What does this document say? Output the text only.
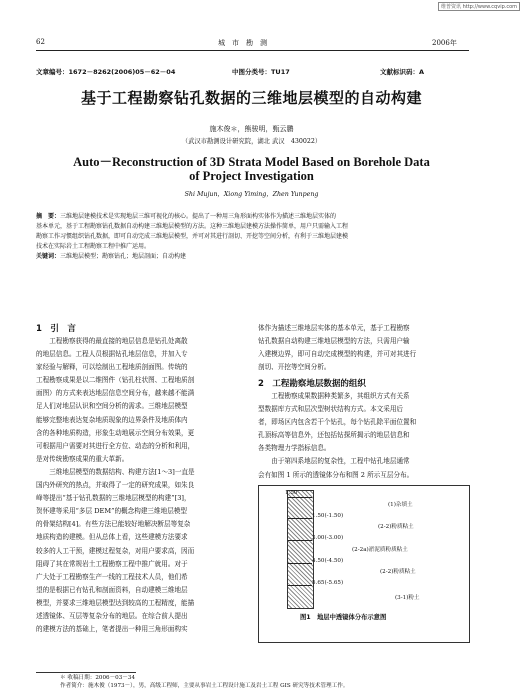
维普资讯 http://www.cqvip.com
62	城　市　勘　测	2006年
文章编号：1672－8262(2006)05－62－04	中图分类号：TU17	文献标识码：A
基于工程勘察钻孔数据的三维地层模型的自动构建
施木俊＊，熊骏明，甄云鹏
（武汉市勘测设计研究院，湖北 武汉　430022）
Auto－Reconstruction of 3D Strata Model Based on Borehole Data
of Project Investigation
Shi Mujun，Xiong Yiming，Zhen Yunpeng
摘　要：三维地层建模技术是实现地层三维可视化的核心。提出了一种用三角形面构实体作为描述三维地层实体的
基本单元，基于工程勘察钻孔数据自动构建三维地层模型的方法。这种三维地层建模方法操作简单，用户只需输入工程
勘察工作习惯组织钻孔数据，即可自动完成三维地层模型，并可对其进行剖切、开挖等空间分析，有利于三维地层建模
技术在实际岩土工程勘察工程中推广运用。
关键词：三维地层模型；勘察钻孔；地层剖面；自动构建
1　引　言

工程勘察获得的最直接的地层信息是钻孔处离散

的地层信息。工程人员根据钻孔地层信息，并加入专
家经验与解释，可以绘制出工程地质剖面图。传统的
工程勘察成果是以二维图件（钻孔柱状图、工程地质剖
面图）的方式来表达地层信息空间分布，越来越不能满
足人们对地层认识和空间分析的需求。三维地层模型
能够完整地表达复杂地质现象的边界条件及地质体内
含的各种地质构造，形象生动地展示空间分布效果，更
可根据用户需要对其进行全方位、动态的分析和利用，
是对传统勘察成果的重大革新。

三维地层模型的数据结构、构建方法[1～3]一直是

国内外研究的热点，并取得了一定的研究成果，如朱良
峰等提出“基于钻孔数据的三维地层模型的构建”[3]，
贺怀建等采用“多层 DEM”的概念构建三维地层模型
的骨架结构[4]。有些方法已能较好地解决断层等复杂
地质构造的建模。但从总体上看，这些建模方法要求
较多的人工干预，建模过程复杂，对用户要求高，因而
阻碍了其在常规岩土工程勘察工程中推广就用。对于
广大处于工程勘察生产一线的工程技术人员，他们希
望的是根据已有钻孔和剖面资料，自动建模三维地层
模型，并要求三维地层模型达到较高的工程精度，能描
述透镜体、互层等复杂分布的地层。在综合前人提出
的建模方法的基础上，笔者提出一种用三角形面构实
体作为描述三维地层实体的基本单元，基于工程勘察
钻孔数据自动构建三维地层模型的方法，只需用户输
入建模边界，即可自动完成模型的构建，并可对其进行
剖切、开挖等空间分析。
2　工程勘察地层数据的组织

工程勘察成果数据种类繁多，其组织方式有关系

型数据库方式和层次型树状结构方式。本文采用后
者，即场区内包含若干个钻孔，每个钻孔除平面位置和
孔顶标高等信息外，还包括钻探所揭示的地层信息和
各类物理力学指标信息。

由于第四系地层的复杂性，工程中钻孔地层通常

会有如图 1 所示的透镜体分布和图 2 所示互层分布。
1.50
1.50(-1.50)
3.00(-3.00)
4.50(-4.50)
5.65(-5.65)
(1)杂填土
(2-2)粉质粘土
(2-2a)淤泥质粉质粘土
(2-2)粉质粘土
(3-1)粉土
图1　地层中透镜体分布示意图
＊ 收稿日期：2006－03－34
作者简介：施木俊（1973－），男，高级工程师，主要从事岩土工程设计施工及岩土工程 GIS 研究等技术管理工作。
